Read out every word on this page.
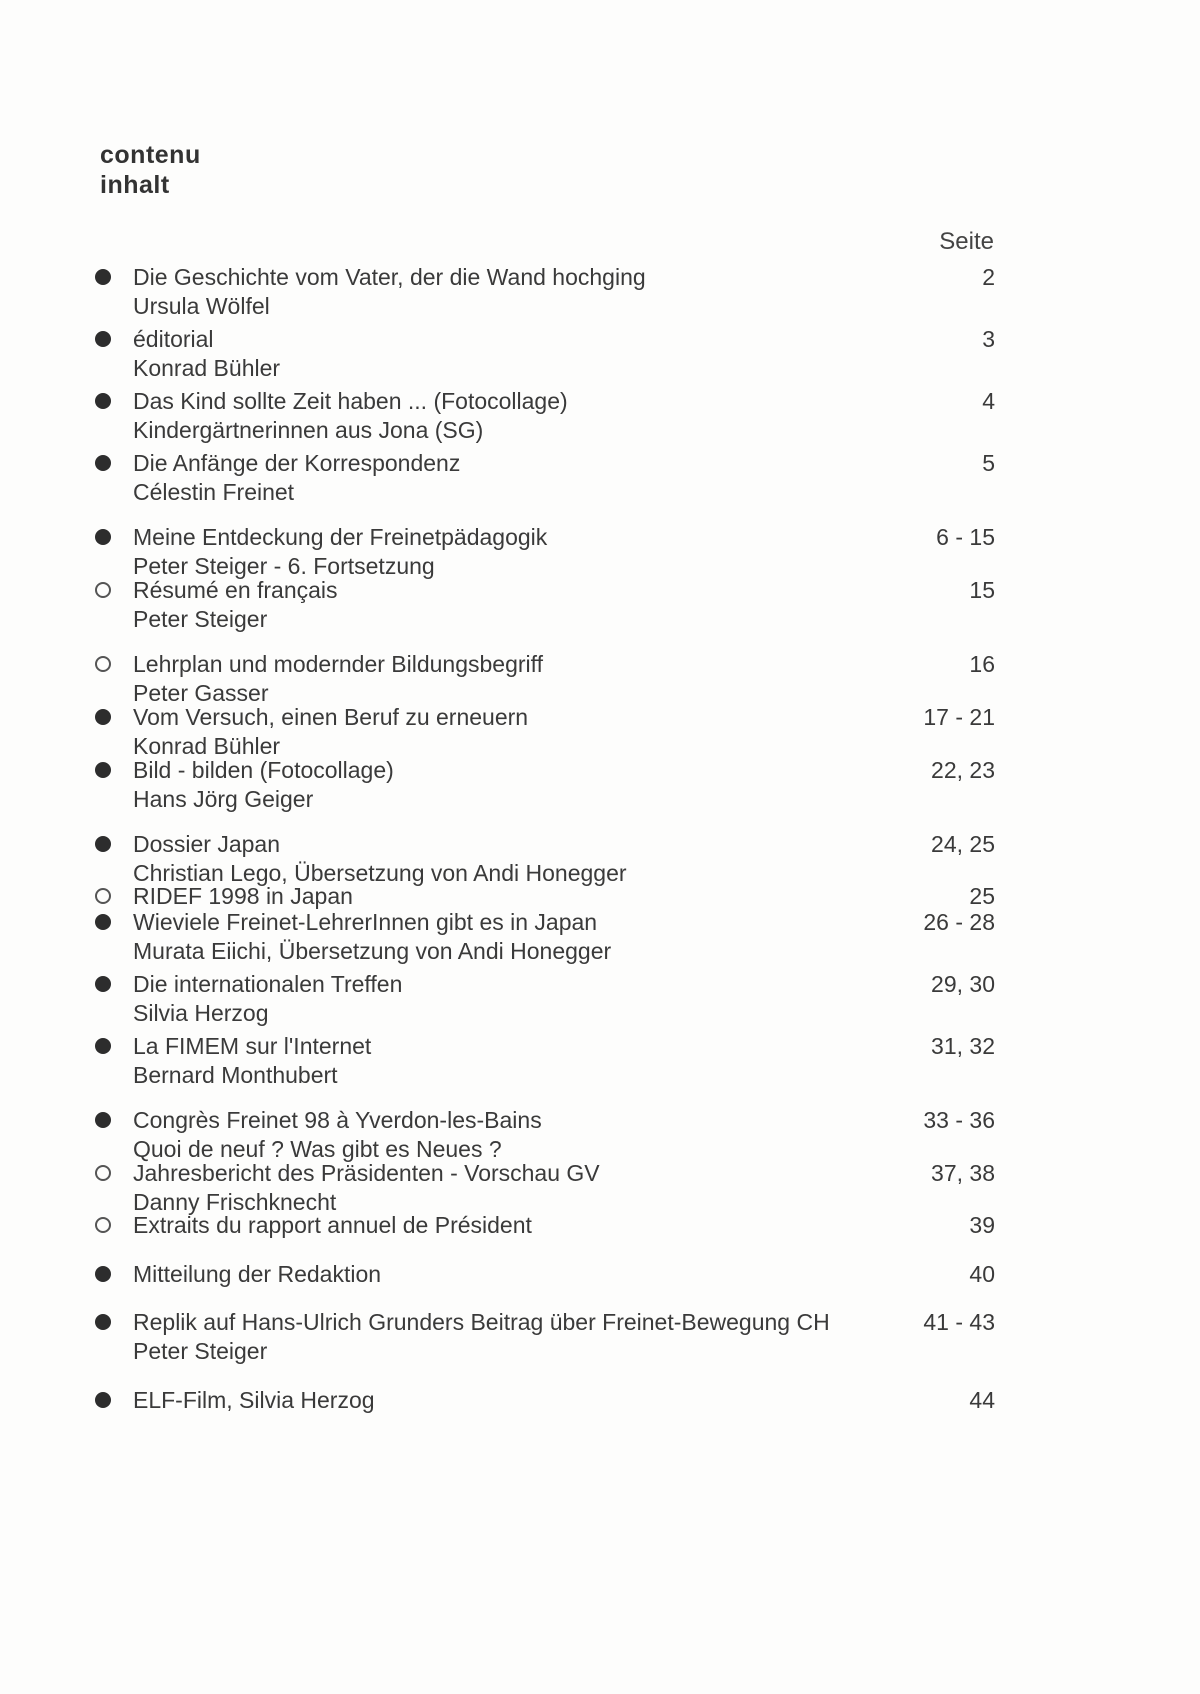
contenu
inhalt
Seite
Die Geschichte vom Vater, der die Wand hochging
Ursula Wölfel
2
éditorial
Konrad Bühler
3
Das Kind sollte Zeit haben ... (Fotocollage)
Kindergärtnerinnen aus Jona (SG)
4
Die Anfänge der Korrespondenz
Célestin Freinet
5
Meine Entdeckung der Freinetpädagogik
Peter Steiger - 6. Fortsetzung
6 - 15
Résumé en français
Peter Steiger
15
Lehrplan und modernder Bildungsbegriff
Peter Gasser
16
Vom Versuch, einen Beruf zu erneuern
Konrad Bühler
17 - 21
Bild - bilden (Fotocollage)
Hans Jörg Geiger
22, 23
Dossier Japan
Christian Lego, Übersetzung von Andi Honegger
24, 25
RIDEF 1998 in Japan	25
Wieviele Freinet-LehrerInnen gibt es in Japan
Murata Eiichi, Übersetzung von Andi Honegger
26 - 28
Die internationalen Treffen
Silvia Herzog
29, 30
La FIMEM sur l'Internet
Bernard Monthubert
31, 32
Congrès Freinet 98 à Yverdon-les-Bains
Quoi de neuf ? Was gibt es Neues ?
33 - 36
Jahresbericht des Präsidenten - Vorschau GV
Danny Frischknecht
37, 38
Extraits du rapport annuel de Président	39
Mitteilung der Redaktion	40
Replik auf Hans-Ulrich Grunders Beitrag über Freinet-Bewegung CH
Peter Steiger
41 - 43
ELF-Film, Silvia Herzog	44
